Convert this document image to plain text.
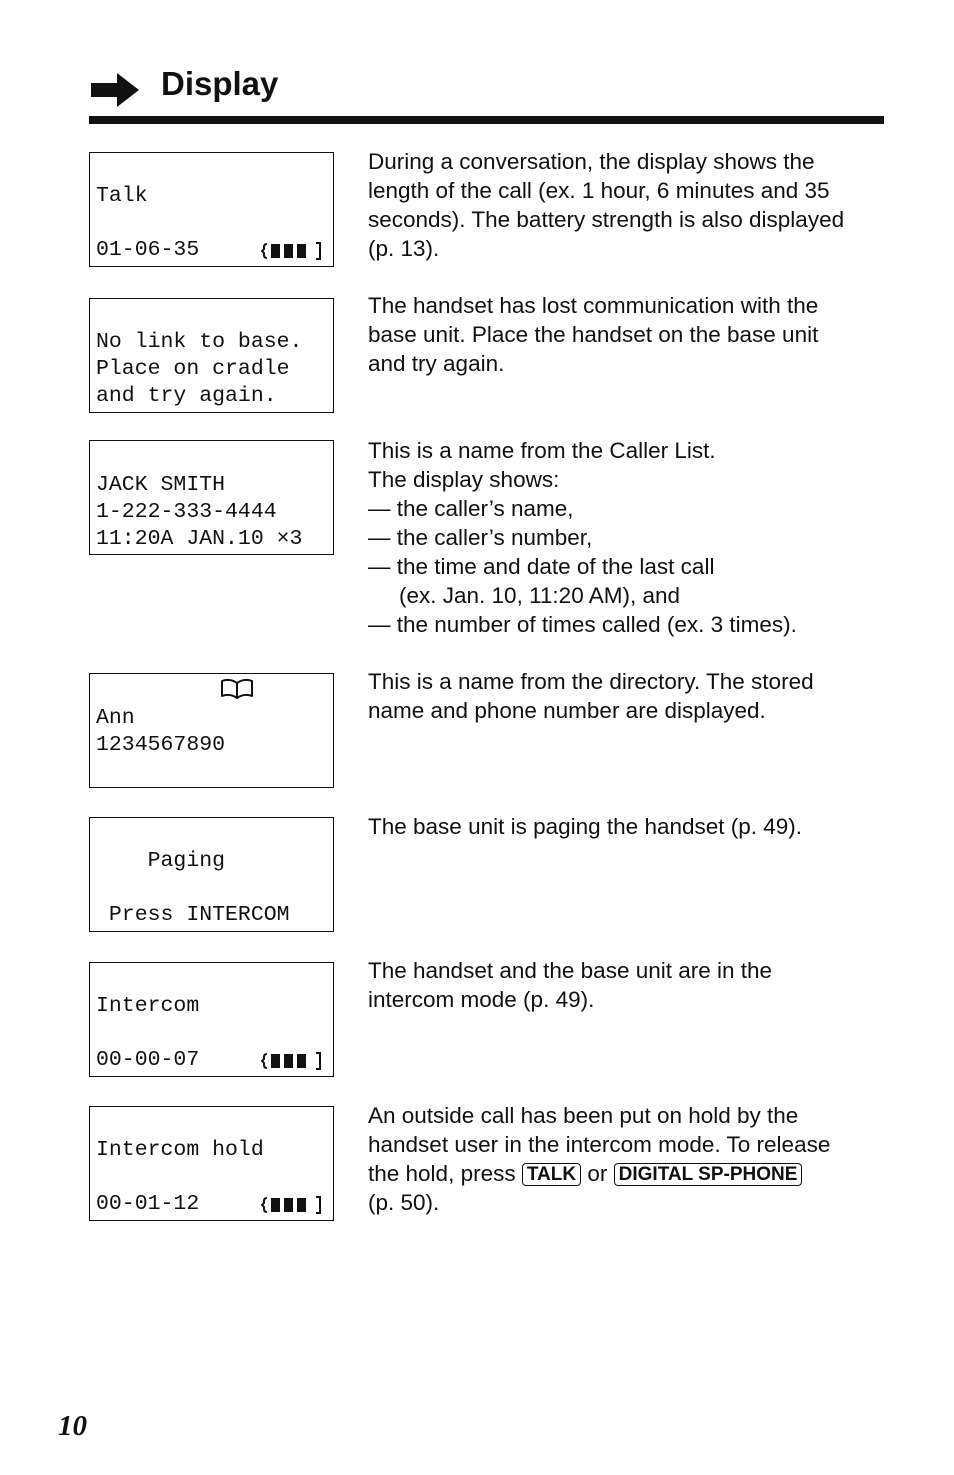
Display
Talk
01-06-35

During a conversation, the display shows the

length of the call (ex. 1 hour, 6 minutes and 35

seconds). The battery strength is also displayed

(p. 13).

No link to base.
Place on cradle
and try again.

The handset has lost communication with the

base unit. Place the handset on the base unit

and try again.

JACK SMITH
1-222-333-4444
11:20A JAN.10 ×3

This is a name from the Caller List.

The display shows:

— the caller’s name,

— the caller’s number,

— the time and date of the last call

(ex. Jan. 10, 11:20 AM), and

— the number of times called (ex. 3 times).

Ann
1234567890

This is a name from the directory. The stored

name and phone number are displayed.

Paging
Press INTERCOM

The base unit is paging the handset (p. 49).

Intercom
00-00-07

The handset and the base unit are in the

intercom mode (p. 49).

Intercom hold
00-01-12

An outside call has been put on hold by the

handset user in the intercom mode. To release

the hold, press TALK or DIGITAL SP-PHONE

(p. 50).

10
